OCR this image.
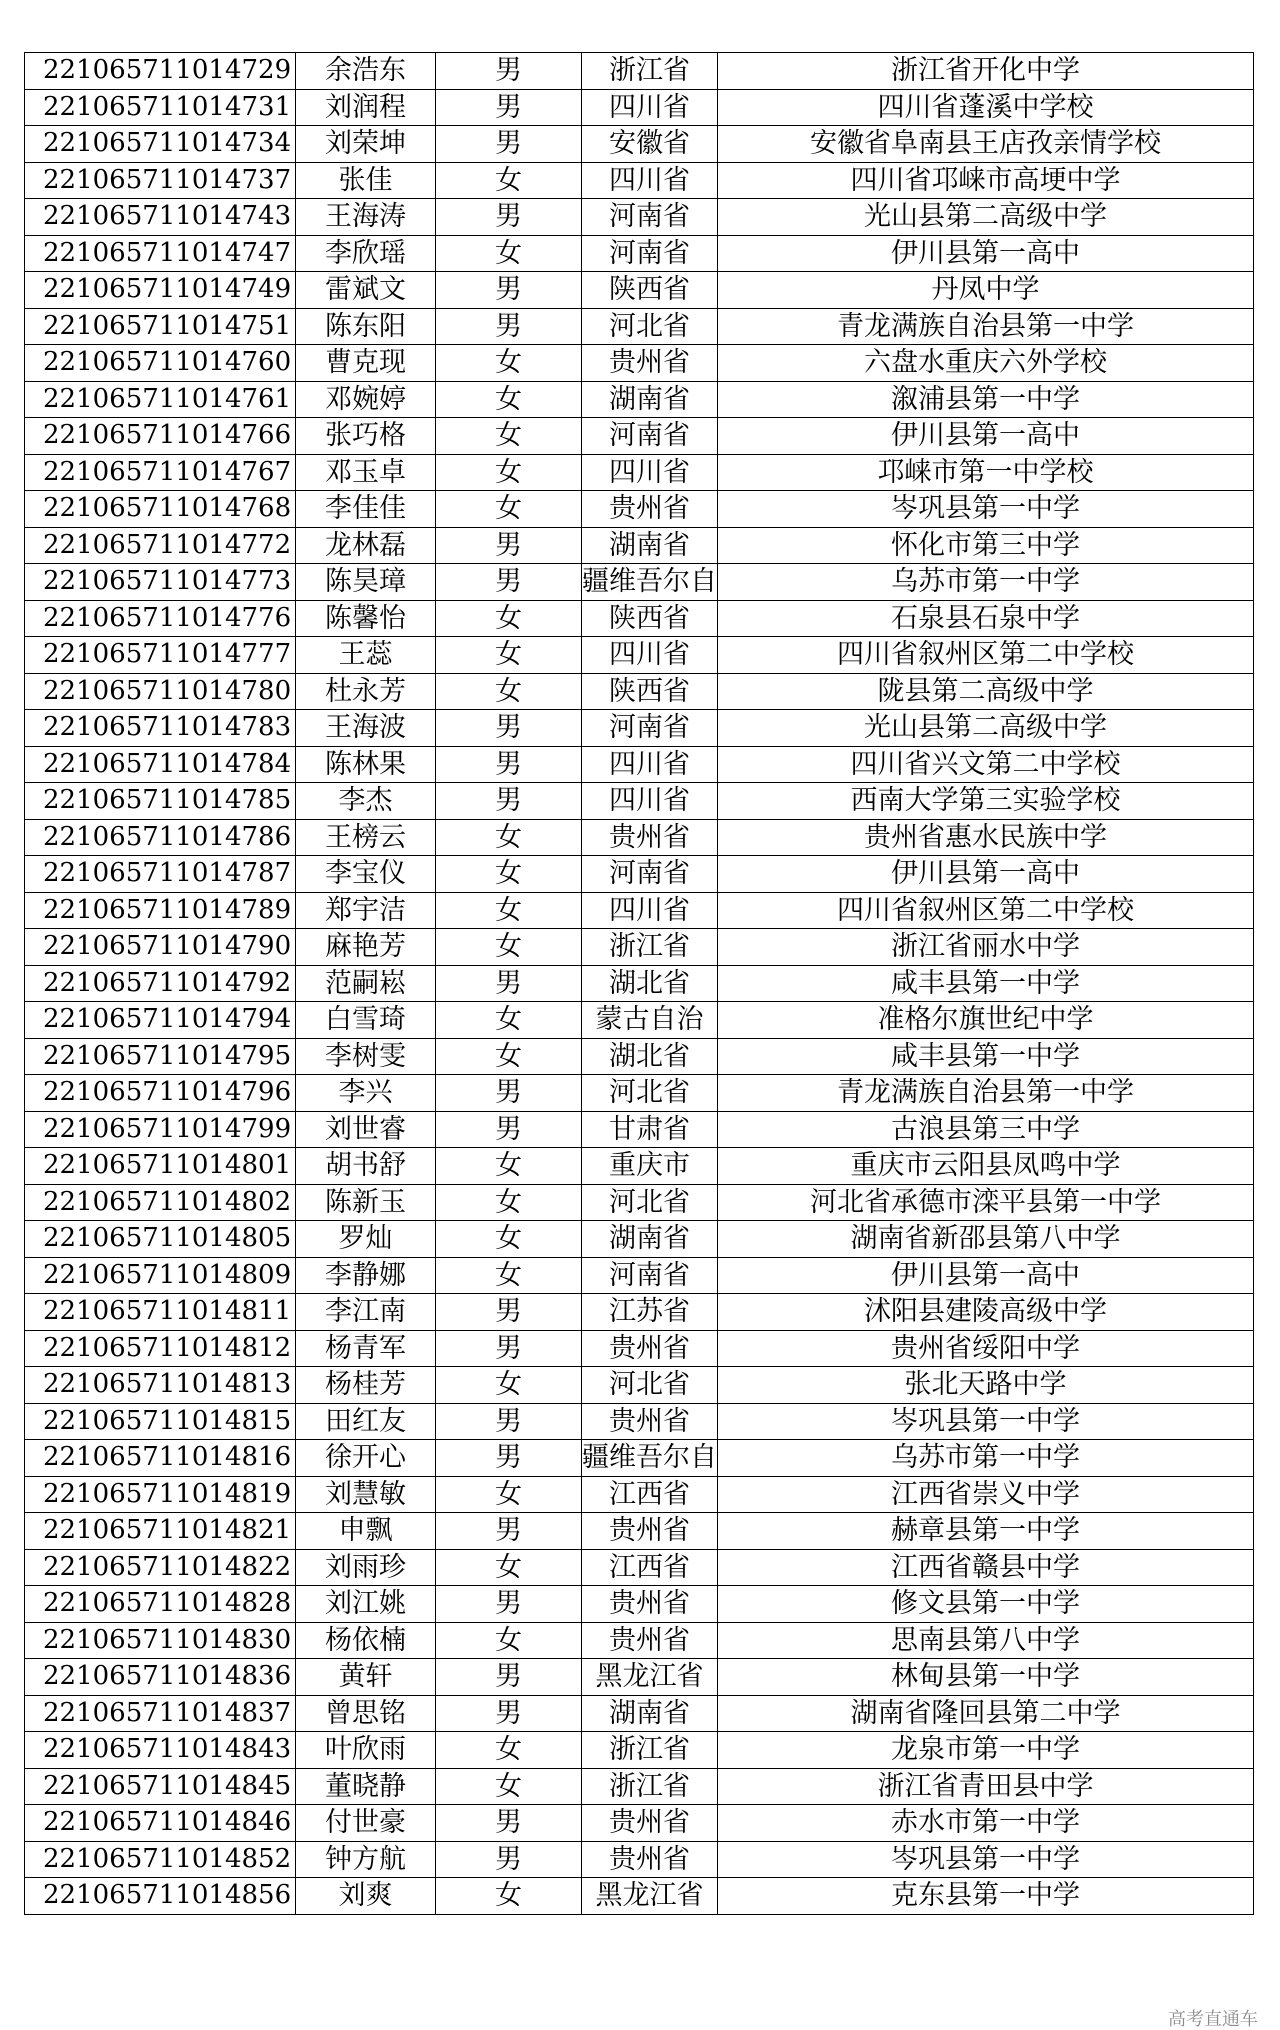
221065711014729	余浩东	男	浙江省	浙江省开化中学
221065711014731	刘润程	男	四川省	四川省蓬溪中学校
221065711014734	刘荣坤	男	安徽省	安徽省阜南县王店孜亲情学校
221065711014737	张佳	女	四川省	四川省邛崃市高埂中学
221065711014743	王海涛	男	河南省	光山县第二高级中学
221065711014747	李欣瑶	女	河南省	伊川县第一高中
221065711014749	雷斌文	男	陕西省	丹凤中学
221065711014751	陈东阳	男	河北省	青龙满族自治县第一中学
221065711014760	曹克现	女	贵州省	六盘水重庆六外学校
221065711014761	邓婉婷	女	湖南省	溆浦县第一中学
221065711014766	张巧格	女	河南省	伊川县第一高中
221065711014767	邓玉卓	女	四川省	邛崃市第一中学校
221065711014768	李佳佳	女	贵州省	岑巩县第一中学
221065711014772	龙林磊	男	湖南省	怀化市第三中学
221065711014773	陈昊璋	男	疆维吾尔自	乌苏市第一中学
221065711014776	陈馨怡	女	陕西省	石泉县石泉中学
221065711014777	王蕊	女	四川省	四川省叙州区第二中学校
221065711014780	杜永芳	女	陕西省	陇县第二高级中学
221065711014783	王海波	男	河南省	光山县第二高级中学
221065711014784	陈林果	男	四川省	四川省兴文第二中学校
221065711014785	李杰	男	四川省	西南大学第三实验学校
221065711014786	王榜云	女	贵州省	贵州省惠水民族中学
221065711014787	李宝仪	女	河南省	伊川县第一高中
221065711014789	郑宇洁	女	四川省	四川省叙州区第二中学校
221065711014790	麻艳芳	女	浙江省	浙江省丽水中学
221065711014792	范嗣崧	男	湖北省	咸丰县第一中学
221065711014794	白雪琦	女	蒙古自治	准格尔旗世纪中学
221065711014795	李树雯	女	湖北省	咸丰县第一中学
221065711014796	李兴	男	河北省	青龙满族自治县第一中学
221065711014799	刘世睿	男	甘肃省	古浪县第三中学
221065711014801	胡书舒	女	重庆市	重庆市云阳县凤鸣中学
221065711014802	陈新玉	女	河北省	河北省承德市滦平县第一中学
221065711014805	罗灿	女	湖南省	湖南省新邵县第八中学
221065711014809	李静娜	女	河南省	伊川县第一高中
221065711014811	李江南	男	江苏省	沭阳县建陵高级中学
221065711014812	杨青军	男	贵州省	贵州省绥阳中学
221065711014813	杨桂芳	女	河北省	张北天路中学
221065711014815	田红友	男	贵州省	岑巩县第一中学
221065711014816	徐开心	男	疆维吾尔自	乌苏市第一中学
221065711014819	刘慧敏	女	江西省	江西省崇义中学
221065711014821	申飘	男	贵州省	赫章县第一中学
221065711014822	刘雨珍	女	江西省	江西省赣县中学
221065711014828	刘江姚	男	贵州省	修文县第一中学
221065711014830	杨依楠	女	贵州省	思南县第八中学
221065711014836	黄轩	男	黑龙江省	林甸县第一中学
221065711014837	曾思铭	男	湖南省	湖南省隆回县第二中学
221065711014843	叶欣雨	女	浙江省	龙泉市第一中学
221065711014845	董晓静	女	浙江省	浙江省青田县中学
221065711014846	付世豪	男	贵州省	赤水市第一中学
221065711014852	钟方航	男	贵州省	岑巩县第一中学
221065711014856	刘爽	女	黑龙江省	克东县第一中学
高考直通车
